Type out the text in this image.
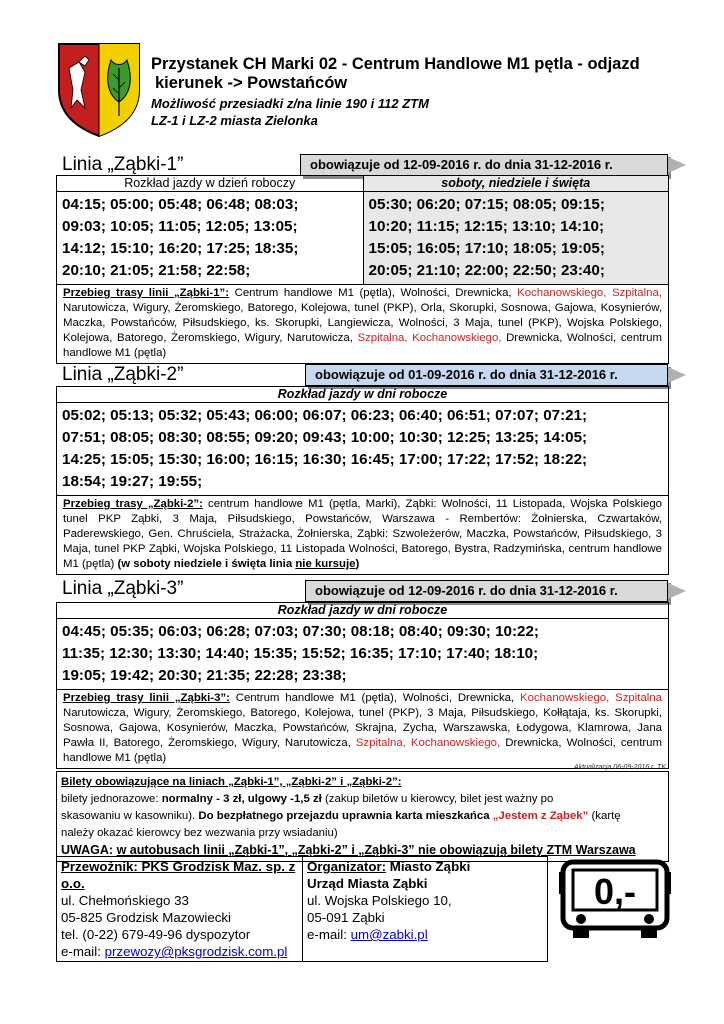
Przystanek CH Marki 02 - Centrum Handlowe M1 pętla - odjazd
kierunek -> Powstańców
Możliwość przesiadki z/na linie 190 i 112 ZTM
LZ-1 i LZ-2 miasta Zielonka
Linia „Ząbki-1”	obowiązuje od 12-09-2016 r. do dnia 31-12-2016 r.
Rozkład jazdy w dzień roboczy
04:15; 05:00; 05:48; 06:48; 08:03;
09:03; 10:05; 11:05; 12:05; 13:05;
14:12; 15:10; 16:20; 17:25; 18:35;
20:10; 21:05; 21:58; 22:58;
soboty, niedziele i święta
05:30; 06:20; 07:15; 08:05; 09:15;
10:20; 11:15; 12:15; 13:10; 14:10;
15:05; 16:05; 17:10; 18:05; 19:05;
20:05; 21:10; 22:00; 22:50; 23:40;
Przebieg trasy linii „Ząbki-1”: Centrum handlowe M1 (pętla), Wolności, Drewnicka, Kochanowskiego, Szpitalna, Narutowicza, Wigury, Żeromskiego, Batorego, Kolejowa, tunel (PKP), Orla, Skorupki, Sosnowa, Gajowa, Kosynierów, Maczka, Powstańców, Piłsudskiego, ks. Skorupki, Langiewicza, Wolności, 3 Maja, tunel (PKP), Wojska Polskiego, Kolejowa, Batorego, Żeromskiego, Wigury, Narutowicza, Szpitalna, Kochanowskiego, Drewnicka, Wolności, centrum handlowe M1 (pętla)
Linia „Ząbki-2”	obowiązuje od 01-09-2016 r. do dnia 31-12-2016 r.
Rozkład jazdy w dni robocze
05:02; 05:13; 05:32; 05:43; 06:00; 06:07; 06:23; 06:40; 06:51; 07:07; 07:21;
07:51; 08:05; 08:30; 08:55; 09:20; 09:43; 10:00; 10:30; 12:25; 13:25; 14:05;
14:25; 15:05; 15:30; 16:00; 16:15; 16:30; 16:45; 17:00; 17:22; 17:52; 18:22;
18:54; 19:27; 19:55;
Przebieg trasy „Ząbki-2”: centrum handlowe M1 (pętla, Marki), Ząbki: Wolności, 11 Listopada, Wojska Polskiego tunel PKP Ząbki, 3 Maja, Piłsudskiego, Powstańców, Warszawa - Rembertów: Żołnierska, Czwartaków, Paderewskiego, Gen. Chruściela, Strażacka, Żołnierska, Ząbki: Szwoleżerów, Maczka, Powstańców, Piłsudskiego, 3 Maja, tunel PKP Ząbki, Wojska Polskiego, 11 Listopada Wolności, Batorego, Bystra, Radzymińska, centrum handlowe M1 (pętla) (w soboty niedziele i święta linia nie kursuje)
Linia „Ząbki-3”	obowiązuje od 12-09-2016 r. do dnia 31-12-2016 r.
Rozkład jazdy w dni robocze
04:45; 05:35; 06:03; 06:28; 07:03; 07:30; 08:18; 08:40; 09:30; 10:22;
11:35; 12:30; 13:30; 14:40; 15:35; 15:52; 16:35; 17:10; 17:40; 18:10;
19:05; 19:42; 20:30; 21:35; 22:28; 23:38;
Przebieg trasy linii „Ząbki-3”: Centrum handlowe M1 (pętla), Wolności, Drewnicka, Kochanowskiego, Szpitalna Narutowicza, Wigury, Żeromskiego, Batorego, Kolejowa, tunel (PKP), 3 Maja, Piłsudskiego, Kołłątaja, ks. Skorupki, Sosnowa, Gajowa, Kosynierów, Maczka, Powstańców, Skrajna, Zycha, Warszawska, Łodygowa, Klamrowa, Jana Pawła II, Batorego, Żeromskiego, Wigury, Narutowicza, Szpitalna, Kochanowskiego, Drewnicka, Wolności, centrum handlowe M1 (pętla)
Aktualizacja 06-09-2016 r. TK
Bilety obowiązujące na liniach „Ząbki-1”, „Ząbki-2” i „Ząbki-2”:
bilety jednorazowe: normalny - 3 zł, ulgowy -1,5 zł (zakup biletów u kierowcy, bilet jest ważny po
skasowaniu w kasowniku). Do bezpłatnego przejazdu uprawnia karta mieszkańca „Jestem z Ząbek” (kartę
należy okazać kierowcy bez wezwania przy wsiadaniu)
UWAGA: w autobusach linii „Ząbki-1”, „Ząbki-2” i „Ząbki-3” nie obowiązują bilety ZTM Warszawa
Przewoźnik: PKS Grodzisk Maz. sp. z o.o.
ul. Chełmońskiego 33
05-825 Grodzisk Mazowiecki
tel. (0-22) 679-49-96 dyspozytor
e-mail: przewozy@pksgrodzisk.com.pl
Organizator: Miasto Ząbki
Urząd Miasta Ząbki
ul. Wojska Polskiego 10,
05-091 Ząbki
e-mail: um@zabki.pl
0,-
